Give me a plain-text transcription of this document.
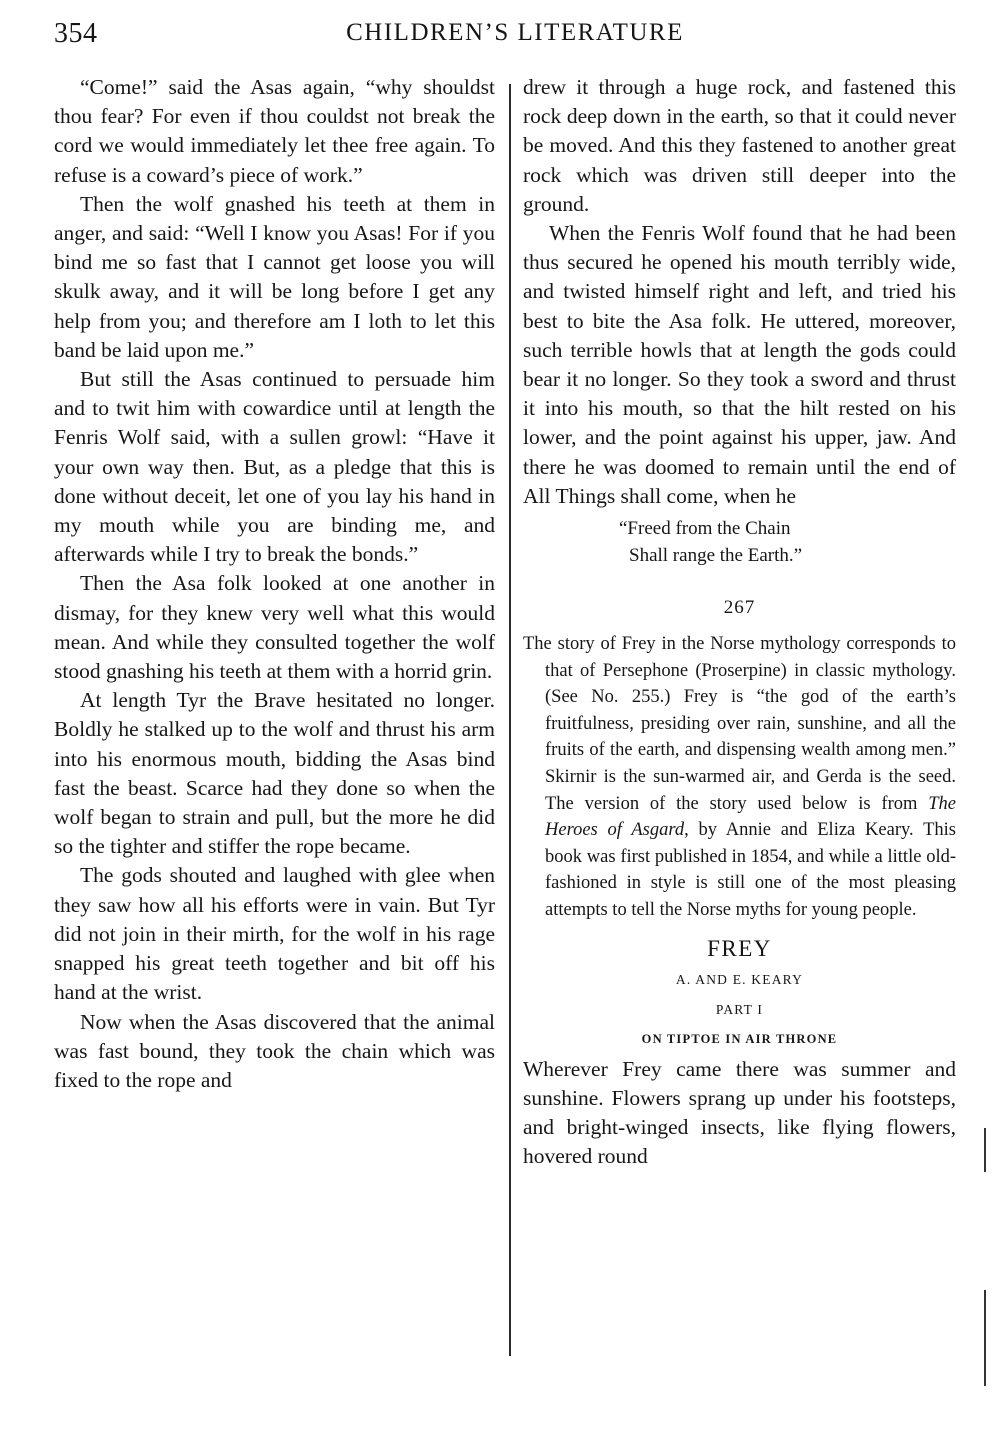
354	CHILDREN’S LITERATURE

“Come!” said the Asas again, “why shouldst thou fear? For even if thou couldst not break the cord we would immediately let thee free again. To refuse is a coward’s piece of work.”

Then the wolf gnashed his teeth at them in anger, and said: “Well I know you Asas! For if you bind me so fast that I cannot get loose you will skulk away, and it will be long before I get any help from you; and therefore am I loth to let this band be laid upon me.”

But still the Asas continued to persuade him and to twit him with cowardice until at length the Fenris Wolf said, with a sullen growl: “Have it your own way then. But, as a pledge that this is done without deceit, let one of you lay his hand in my mouth while you are binding me, and afterwards while I try to break the bonds.”

Then the Asa folk looked at one another in dismay, for they knew very well what this would mean. And while they consulted together the wolf stood gnashing his teeth at them with a horrid grin.

At length Tyr the Brave hesitated no longer. Boldly he stalked up to the wolf and thrust his arm into his enormous mouth, bidding the Asas bind fast the beast. Scarce had they done so when the wolf began to strain and pull, but the more he did so the tighter and stiffer the rope became.

The gods shouted and laughed with glee when they saw how all his efforts were in vain. But Tyr did not join in their mirth, for the wolf in his rage snapped his great teeth together and bit off his hand at the wrist.

Now when the Asas discovered that the animal was fast bound, they took the chain which was fixed to the rope and

drew it through a huge rock, and fastened this rock deep down in the earth, so that it could never be moved. And this they fastened to another great rock which was driven still deeper into the ground.

When the Fenris Wolf found that he had been thus secured he opened his mouth terribly wide, and twisted himself right and left, and tried his best to bite the Asa folk. He uttered, moreover, such terrible howls that at length the gods could bear it no longer. So they took a sword and thrust it into his mouth, so that the hilt rested on his lower, and the point against his upper, jaw. And there he was doomed to remain until the end of All Things shall come, when he

“Freed from the Chain
Shall range the Earth.”
267

The story of Frey in the Norse mythology corresponds to that of Persephone (Proserpine) in classic mythology. (See No. 255.) Frey is “the god of the earth’s fruitfulness, presiding over rain, sunshine, and all the fruits of the earth, and dispensing wealth among men.” Skirnir is the sun-warmed air, and Gerda is the seed. The version of the story used below is from The Heroes of Asgard, by Annie and Eliza Keary. This book was first published in 1854, and while a little old-fashioned in style is still one of the most pleasing attempts to tell the Norse myths for young people.

FREY
A. AND E. KEARY
PART I
ON TIPTOE IN AIR THRONE

Wherever Frey came there was summer and sunshine. Flowers sprang up under his footsteps, and bright-winged insects, like flying flowers, hovered round
